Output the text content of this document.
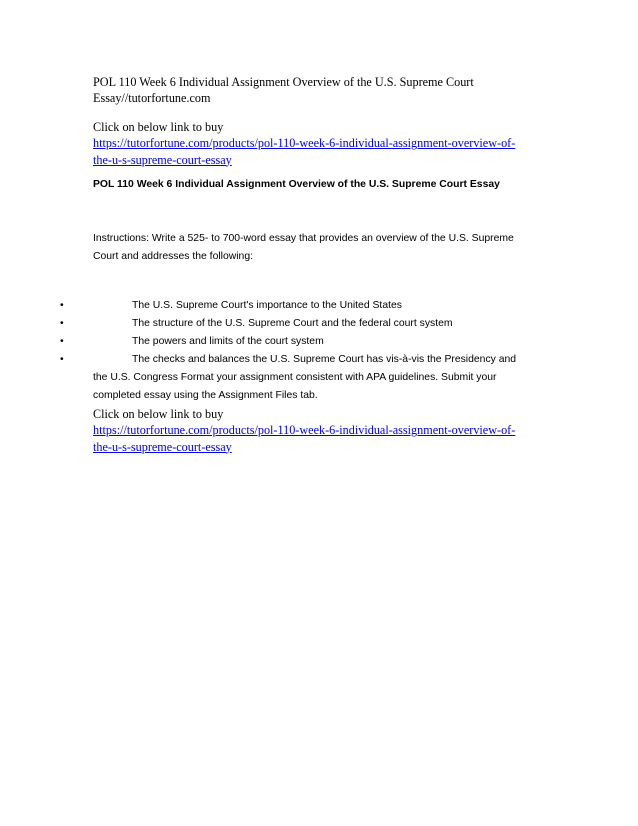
POL 110 Week 6 Individual Assignment Overview of the U.S. Supreme Court
Essay//tutorfortune.com
Click on below link to buy
https://tutorfortune.com/products/pol-110-week-6-individual-assignment-overview-of-
the-u-s-supreme-court-essay
POL 110 Week 6 Individual Assignment Overview of the U.S. Supreme Court Essay
Instructions: Write a 525- to 700-word essay that provides an overview of the U.S. Supreme
Court and addresses the following:
•	The U.S. Supreme Court's importance to the United States
•	The structure of the U.S. Supreme Court and the federal court system
•	The powers and limits of the court system
•	The checks and balances the U.S. Supreme Court has vis-à-vis the Presidency and
the U.S. Congress Format your assignment consistent with APA guidelines. Submit your
completed essay using the Assignment Files tab.
Click on below link to buy
https://tutorfortune.com/products/pol-110-week-6-individual-assignment-overview-of-
the-u-s-supreme-court-essay
